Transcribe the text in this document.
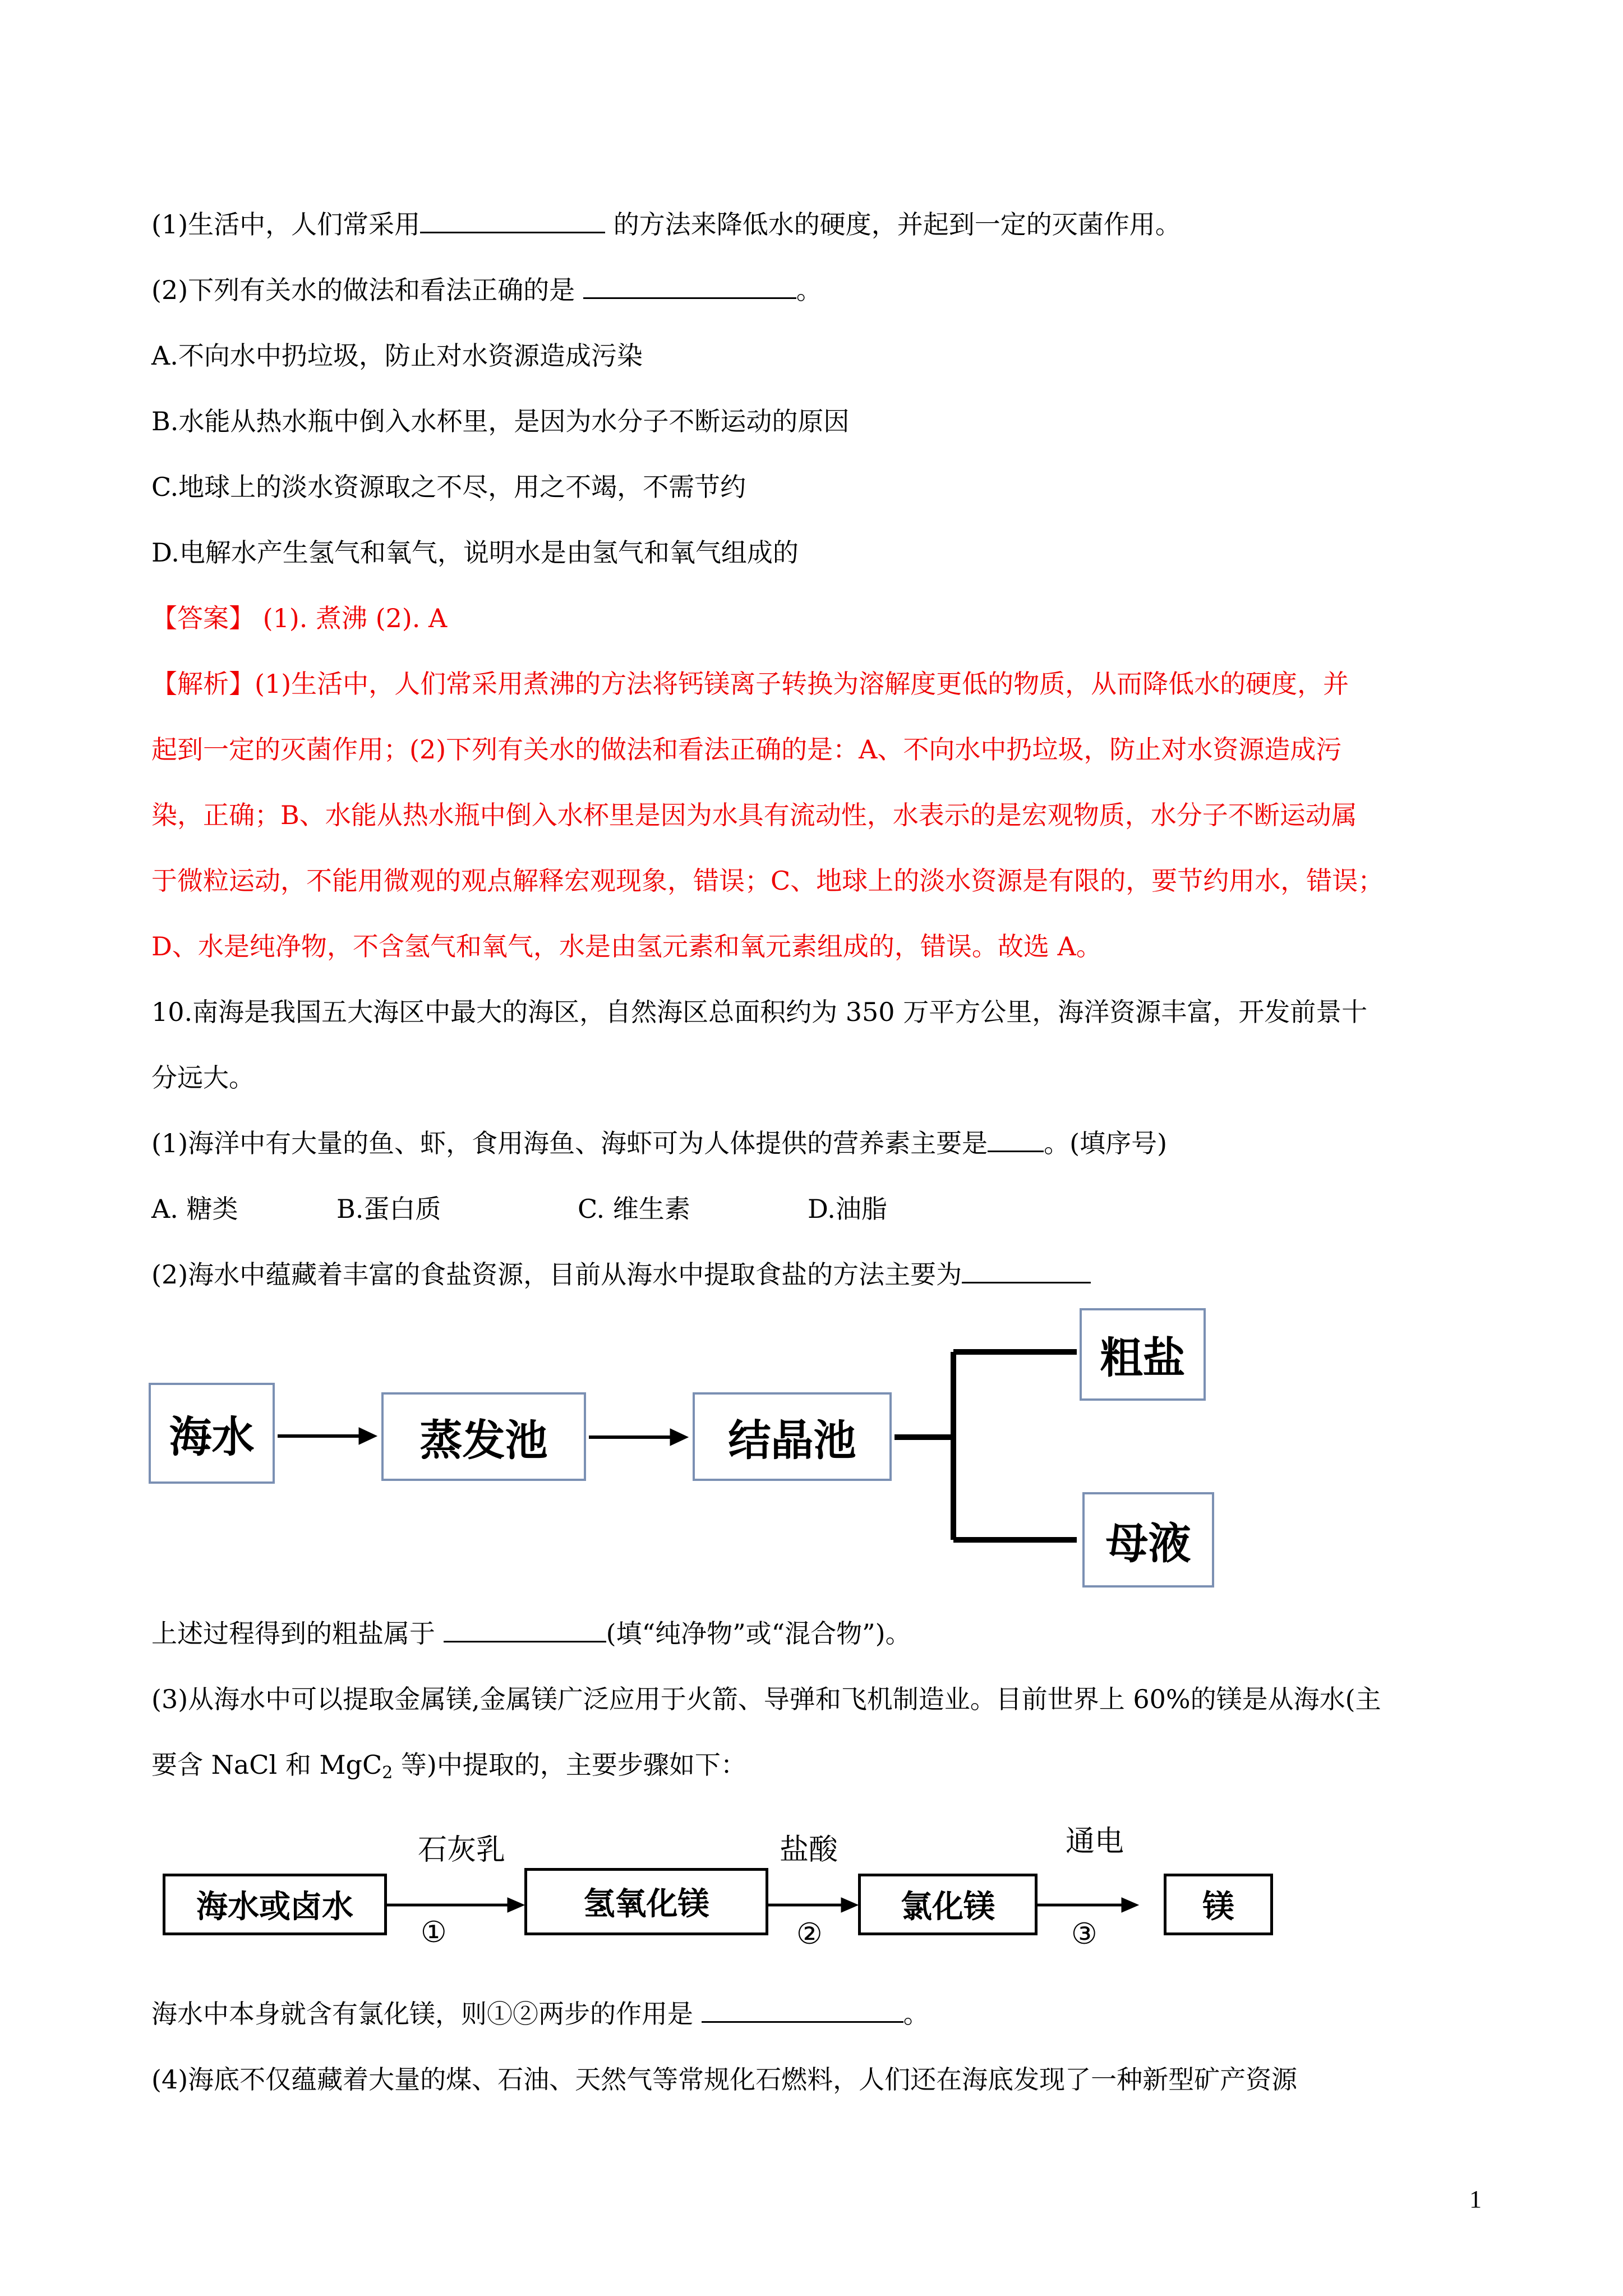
(1)生活中，人们常采用	的方法来降低水的硬度，并起到一定的灭菌作用。
(2)下列有关水的做法和看法正确的是	。
A.不向水中扔垃圾，防止对水资源造成污染
B.水能从热水瓶中倒入水杯里，是因为水分子不断运动的原因
C.地球上的淡水资源取之不尽，用之不竭，不需节约
D.电解水产生氢气和氧气，说明水是由氢气和氧气组成的
【答案】 (1). 煮沸 (2). A
【解析】(1)生活中，人们常采用煮沸的方法将钙镁离子转换为溶解度更低的物质，从而降低水的硬度，并
起到一定的灭菌作用；(2)下列有关水的做法和看法正确的是：A、不向水中扔垃圾，防止对水资源造成污
染，正确；B、水能从热水瓶中倒入水杯里是因为水具有流动性，水表示的是宏观物质，水分子不断运动属
于微粒运动，不能用微观的观点解释宏观现象，错误；C、地球上的淡水资源是有限的，要节约用水，错误；
D、水是纯净物，不含氢气和氧气，水是由氢元素和氧元素组成的，错误。故选 A。
10.南海是我国五大海区中最大的海区，自然海区总面积约为 350 万平方公里，海洋资源丰富，开发前景十
分远大。
(1)海洋中有大量的鱼、虾，食用海鱼、海虾可为人体提供的营养素主要是 。(填序号)
A. 糖类	B.蛋白质	C. 维生素	D.油脂
(2)海水中蕴藏着丰富的食盐资源，目前从海水中提取食盐的方法主要为
海水	蒸发池	结晶池
粗盐
母液
上述过程得到的粗盐属于	(填“纯净物”或“混合物”)。
(3)从海水中可以提取金属镁,金属镁广泛应用于火箭、导弹和飞机制造业。目前世界上 60%的镁是从海水(主
要含 NaCl 和 MgC$_2$ 等)中提取的，主要步骤如下：
海水或卤水	氢氧化镁	氯化镁	镁
石灰乳	盐酸	通电
①	②	③
海水中本身就含有氯化镁，则①②两步的作用是	。
(4)海底不仅蕴藏着大量的煤、石油、天然气等常规化石燃料，人们还在海底发现了一种新型矿产资源
1
